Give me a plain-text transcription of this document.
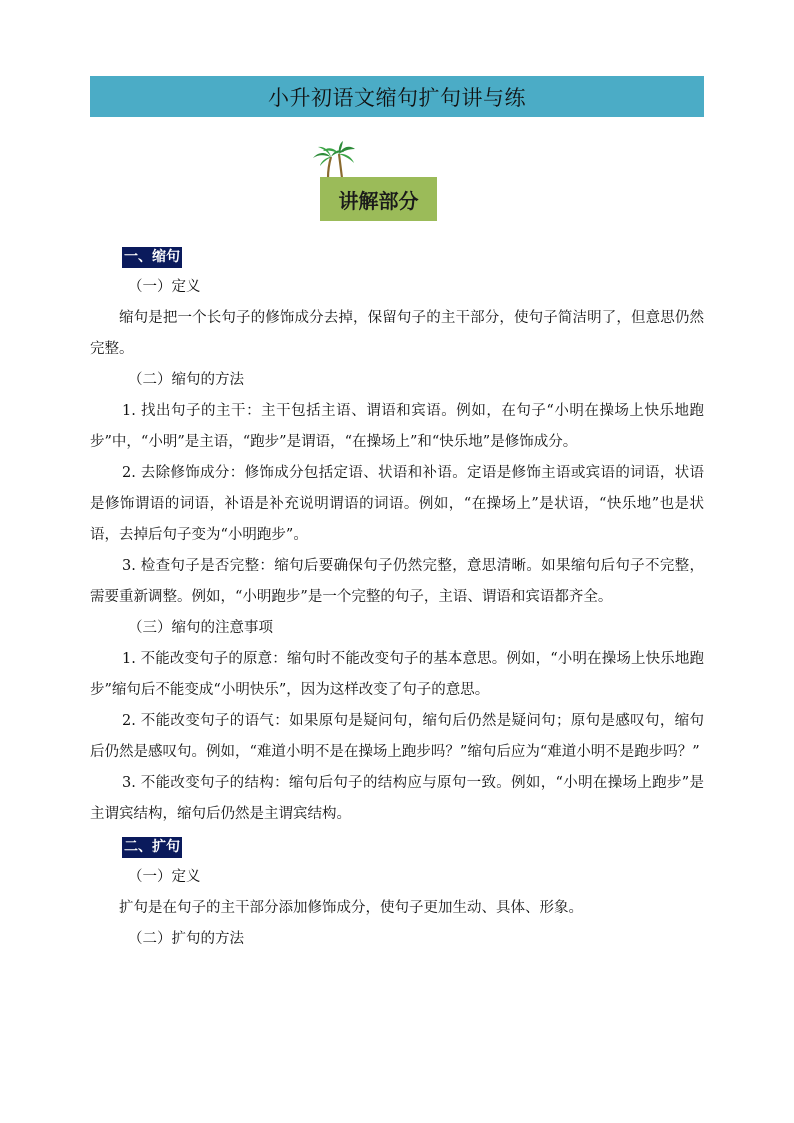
小升初语文缩句扩句讲与练
讲解部分
一、缩句

（一）定义

缩句是把一个长句子的修饰成分去掉，保留句子的主干部分，使句子简洁明了，但意思仍然完整。

（二）缩句的方法

1. 找出句子的主干：主干包括主语、谓语和宾语。例如，在句子“小明在操场上快乐地跑步”中，“小明”是主语，“跑步”是谓语，“在操场上”和“快乐地”是修饰成分。

2. 去除修饰成分：修饰成分包括定语、状语和补语。定语是修饰主语或宾语的词语，状语是修饰谓语的词语，补语是补充说明谓语的词语。例如，“在操场上”是状语，“快乐地”也是状语，去掉后句子变为“小明跑步”。

3. 检查句子是否完整：缩句后要确保句子仍然完整，意思清晰。如果缩句后句子不完整，需要重新调整。例如，“小明跑步”是一个完整的句子，主语、谓语和宾语都齐全。

（三）缩句的注意事项

1. 不能改变句子的原意：缩句时不能改变句子的基本意思。例如，“小明在操场上快乐地跑步”缩句后不能变成“小明快乐”，因为这样改变了句子的意思。

2. 不能改变句子的语气：如果原句是疑问句，缩句后仍然是疑问句；原句是感叹句，缩句后仍然是感叹句。例如，“难道小明不是在操场上跑步吗？”缩句后应为“难道小明不是跑步吗？”

3. 不能改变句子的结构：缩句后句子的结构应与原句一致。例如，“小明在操场上跑步”是主谓宾结构，缩句后仍然是主谓宾结构。

二、扩句

（一）定义

扩句是在句子的主干部分添加修饰成分，使句子更加生动、具体、形象。

（二）扩句的方法
